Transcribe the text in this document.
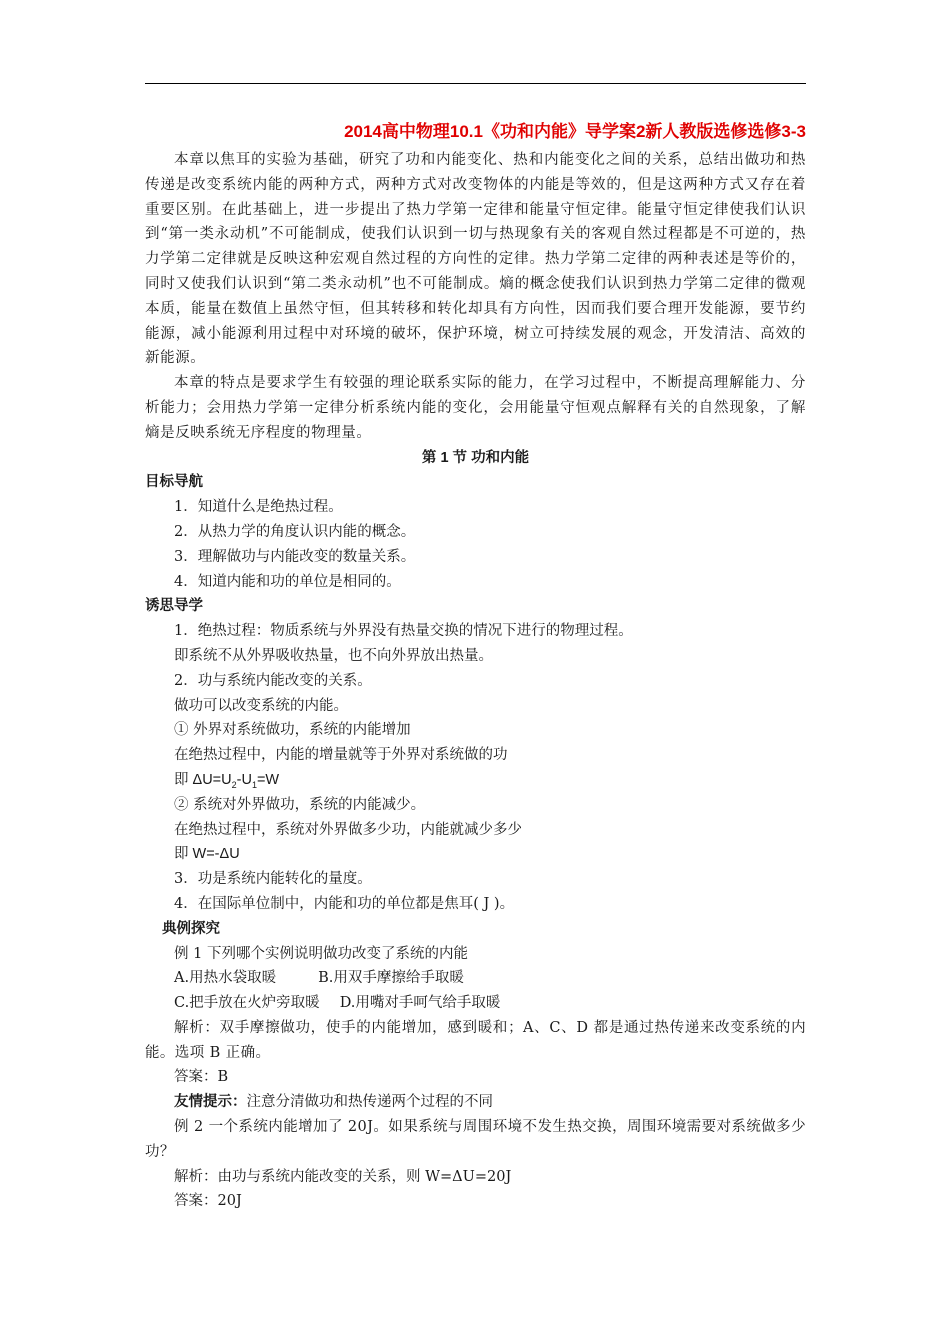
2014高中物理10.1《功和内能》导学案2新人教版选修选修3-3

本章以焦耳的实验为基础，研究了功和内能变化、热和内能变化之间的关系，总结出做功和热传递是改变系统内能的两种方式，两种方式对改变物体的内能是等效的，但是这两种方式又存在着重要区别。在此基础上，进一步提出了热力学第一定律和能量守恒定律。能量守恒定律使我们认识到“第一类永动机”不可能制成，使我们认识到一切与热现象有关的客观自然过程都是不可逆的，热力学第二定律就是反映这种宏观自然过程的方向性的定律。热力学第二定律的两种表述是等价的，同时又使我们认识到“第二类永动机”也不可能制成。熵的概念使我们认识到热力学第二定律的微观本质，能量在数值上虽然守恒，但其转移和转化却具有方向性，因而我们要合理开发能源，要节约能源，减小能源利用过程中对环境的破坏，保护环境，树立可持续发展的观念，开发清洁、高效的新能源。

本章的特点是要求学生有较强的理论联系实际的能力，在学习过程中，不断提高理解能力、分析能力；会用热力学第一定律分析系统内能的变化，会用能量守恒观点解释有关的自然现象，了解熵是反映系统无序程度的物理量。

第 1 节 功和内能

目标导航

1．知道什么是绝热过程。

2．从热力学的角度认识内能的概念。

3．理解做功与内能改变的数量关系。

4．知道内能和功的单位是相同的。

诱思导学

1．绝热过程：物质系统与外界没有热量交换的情况下进行的物理过程。

即系统不从外界吸收热量，也不向外界放出热量。

2．功与系统内能改变的关系。

做功可以改变系统的内能。

① 外界对系统做功，系统的内能增加

在绝热过程中，内能的增量就等于外界对系统做的功

即 $\Delta U=U_2-U_1=W$

② 系统对外界做功，系统的内能减少。

在绝热过程中，系统对外界做多少功，内能就减少多少

即 W=-ΔU

3．功是系统内能转化的量度。

4．在国际单位制中，内能和功的单位都是焦耳( J )。

典例探究

例 1 下列哪个实例说明做功改变了系统的内能

A.用热水袋取暖	B.用双手摩擦给手取暖

C.把手放在火炉旁取暖 D.用嘴对手呵气给手取暖

解析：双手摩擦做功，使手的内能增加，感到暖和；A、C、D 都是通过热传递来改变系统的内能。选项 B 正确。

答案：B

友情提示：注意分清做功和热传递两个过程的不同

例 2 一个系统内能增加了 20J。如果系统与周围环境不发生热交换，周围环境需要对系统做多少功？

解析：由功与系统内能改变的关系，则 W=ΔU=20J

答案：20J
